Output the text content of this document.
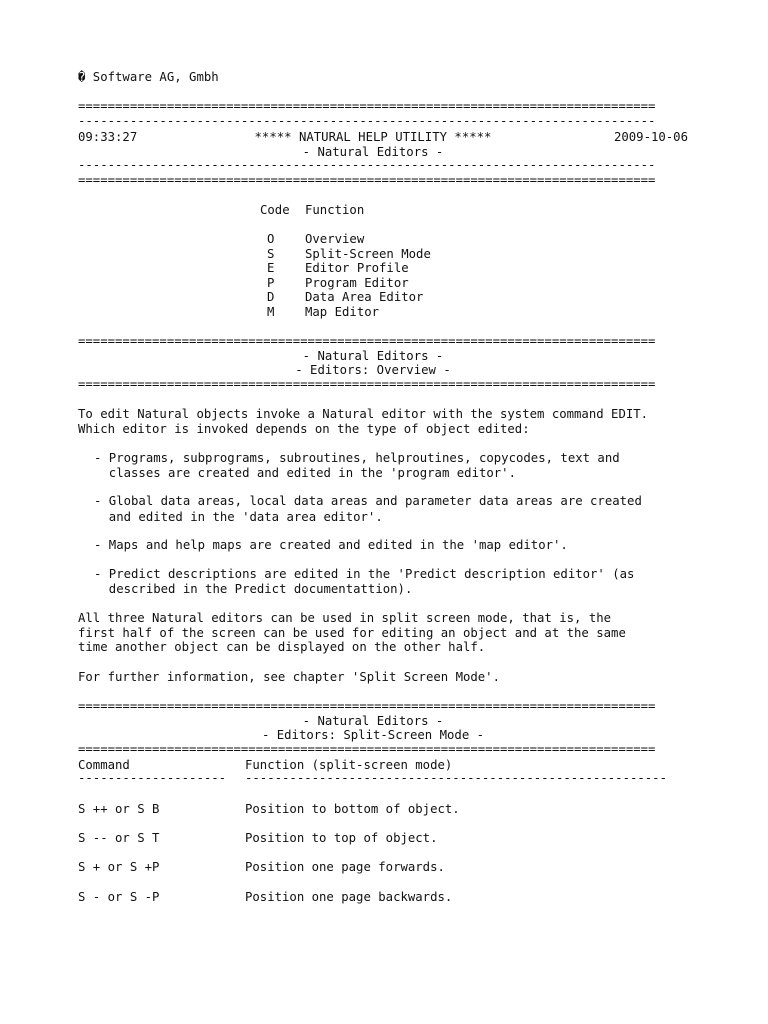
� Software AG, Gmbh
==============================================================================
------------------------------------------------------------------------------
09:33:27	***** NATURAL HELP UTILITY *****	2009-10-06
- Natural Editors -
------------------------------------------------------------------------------
==============================================================================
Code Function
O Overview
S Split-Screen Mode
E Editor Profile
P Program Editor
D Data Area Editor
M Map Editor
==============================================================================
- Natural Editors -
- Editors: Overview -
==============================================================================
To edit Natural objects invoke a Natural editor with the system command EDIT.
Which editor is invoked depends on the type of object edited:
- Programs, subprograms, subroutines, helproutines, copycodes, text and
classes are created and edited in the 'program editor'.
- Global data areas, local data areas and parameter data areas are created
and edited in the 'data area editor'.
- Maps and help maps are created and edited in the 'map editor'.
- Predict descriptions are edited in the 'Predict description editor' (as
described in the Predict documentattion).
All three Natural editors can be used in split screen mode, that is, the
first half of the screen can be used for editing an object and at the same
time another object can be displayed on the other half.
For further information, see chapter 'Split Screen Mode'.
==============================================================================
- Natural Editors -
- Editors: Split-Screen Mode -
==============================================================================
Command	Function (split-screen mode)
-------------------- ---------------------------------------------------------
S ++ or S B	Position to bottom of object.
S -- or S T	Position to top of object.
S + or S +P	Position one page forwards.
S - or S -P	Position one page backwards.
